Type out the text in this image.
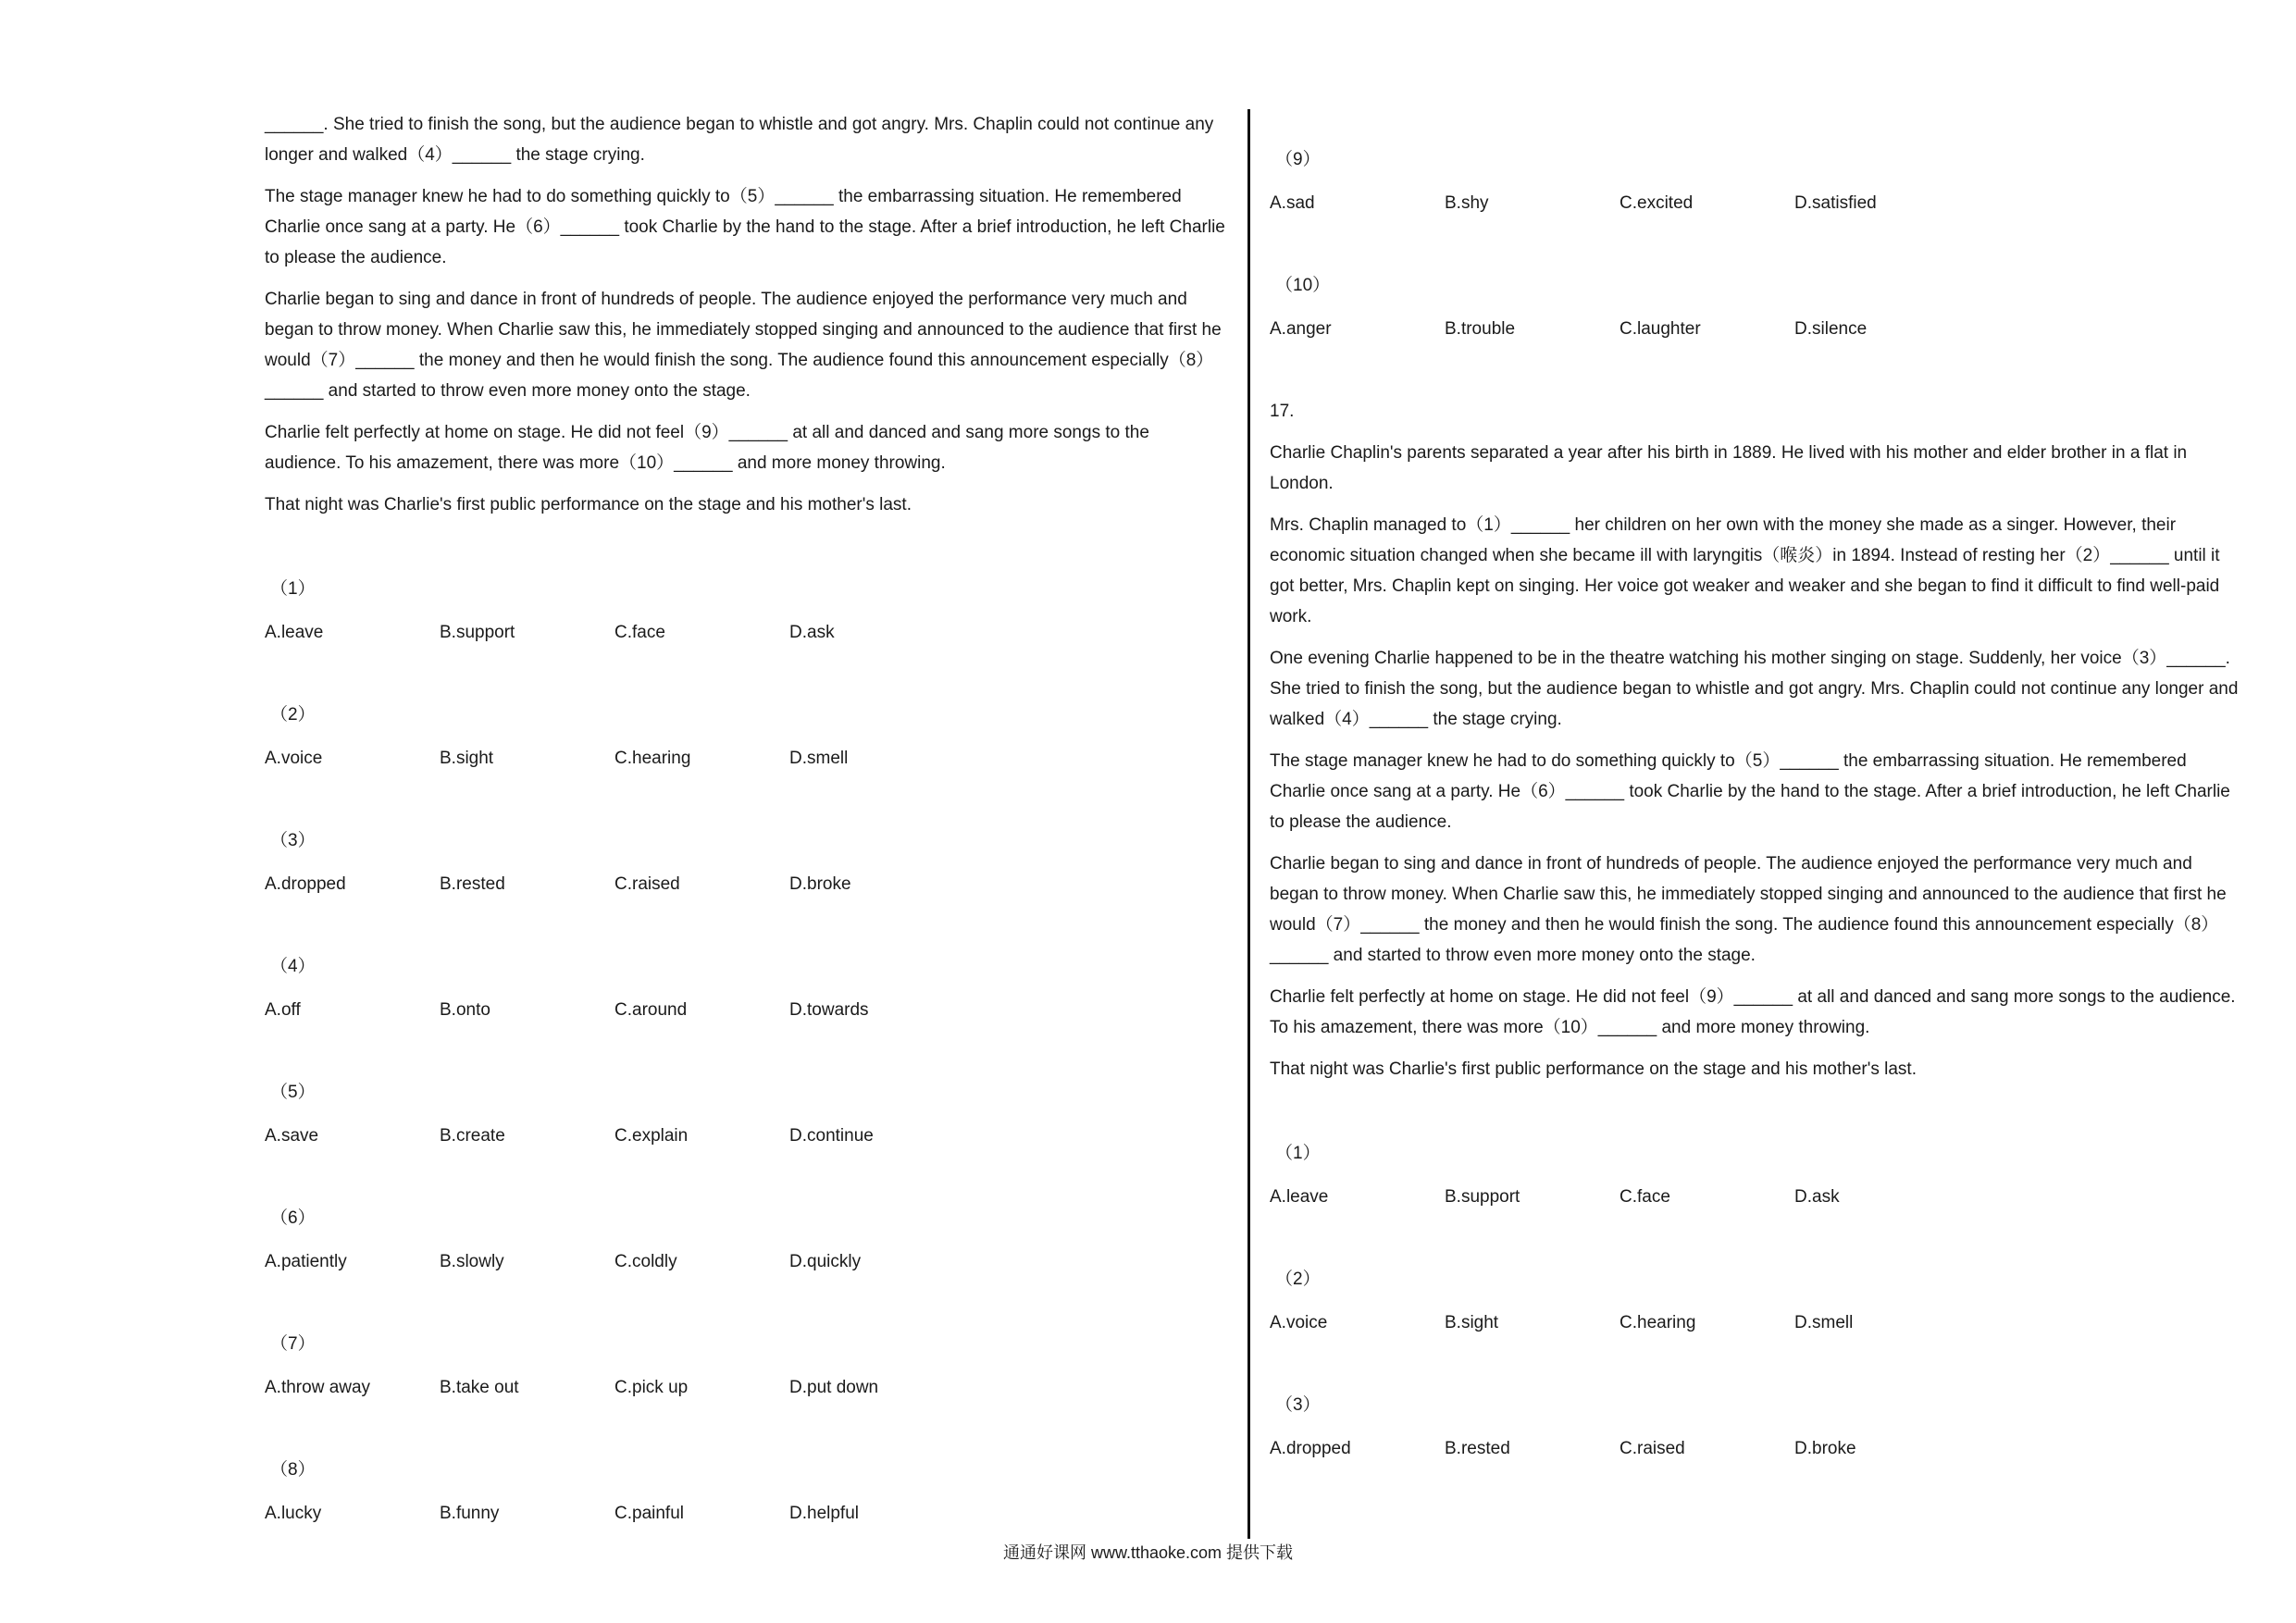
______. She tried to finish the song, but the audience began to whistle and got angry. Mrs. Chaplin could not continue any longer and walked（4）______ the stage crying.

The stage manager knew he had to do something quickly to（5）______ the embarrassing situation. He remembered Charlie once sang at a party. He（6）______ took Charlie by the hand to the stage. After a brief introduction, he left Charlie to please the audience.

Charlie began to sing and dance in front of hundreds of people. The audience enjoyed the performance very much and began to throw money. When Charlie saw this, he immediately stopped singing and announced to the audience that first he would（7）______ the money and then he would finish the song. The audience found this announcement especially（8）______ and started to throw even more money onto the stage.

Charlie felt perfectly at home on stage. He did not feel（9）______ at all and danced and sang more songs to the audience. To his amazement, there was more（10）______ and more money throwing.

That night was Charlie's first public performance on the stage and his mother's last.

（1）
A.leave	B.support	C.face	D.ask
（2）
A.voice	B.sight	C.hearing	D.smell
（3）
A.dropped	B.rested	C.raised	D.broke
（4）
A.off	B.onto	C.around	D.towards
（5）
A.save	B.create	C.explain	D.continue
（6）
A.patiently	B.slowly	C.coldly	D.quickly
（7）
A.throw away	B.take out	C.pick up	D.put down
（8）
A.lucky	B.funny	C.painful	D.helpful
（9）
A.sad	B.shy	C.excited	D.satisfied
（10）
A.anger	B.trouble	C.laughter	D.silence
17.

Charlie Chaplin's parents separated a year after his birth in 1889. He lived with his mother and elder brother in a flat in London.

Mrs. Chaplin managed to（1）______ her children on her own with the money she made as a singer. However, their economic situation changed when she became ill with laryngitis（喉炎）in 1894. Instead of resting her（2）______ until it got better, Mrs. Chaplin kept on singing. Her voice got weaker and weaker and she began to find it difficult to find well-paid work.

One evening Charlie happened to be in the theatre watching his mother singing on stage. Suddenly, her voice（3）______. She tried to finish the song, but the audience began to whistle and got angry. Mrs. Chaplin could not continue any longer and walked（4）______ the stage crying.

The stage manager knew he had to do something quickly to（5）______ the embarrassing situation. He remembered Charlie once sang at a party. He（6）______ took Charlie by the hand to the stage. After a brief introduction, he left Charlie to please the audience.

Charlie began to sing and dance in front of hundreds of people. The audience enjoyed the performance very much and began to throw money. When Charlie saw this, he immediately stopped singing and announced to the audience that first he would（7）______ the money and then he would finish the song. The audience found this announcement especially（8）______ and started to throw even more money onto the stage.

Charlie felt perfectly at home on stage. He did not feel（9）______ at all and danced and sang more songs to the audience. To his amazement, there was more（10）______ and more money throwing.

That night was Charlie's first public performance on the stage and his mother's last.

（1）
A.leave	B.support	C.face	D.ask
（2）
A.voice	B.sight	C.hearing	D.smell
（3）
A.dropped	B.rested	C.raised	D.broke
通通好课网 www.tthaoke.com 提供下载
